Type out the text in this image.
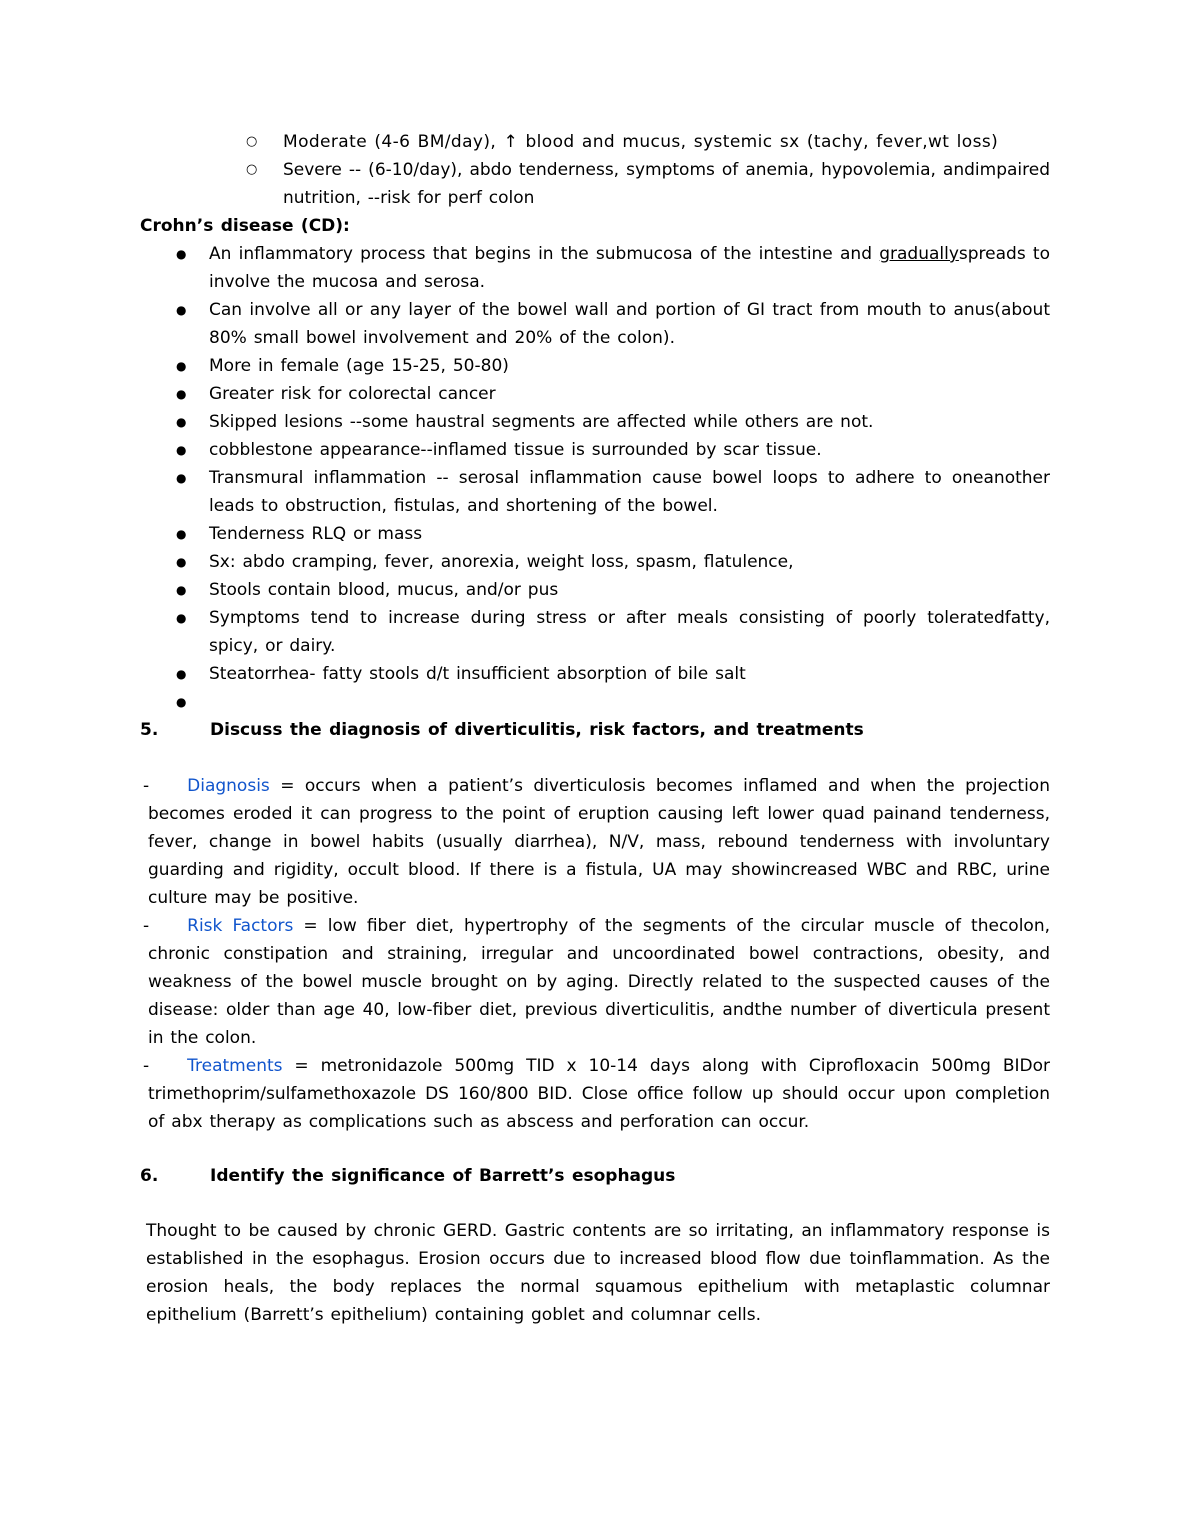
○	Moderate (4-6 BM/day), ↑ blood and mucus, systemic sx (tachy, fever,wt loss)
○	Severe -- (6-10/day), abdo tenderness, symptoms of anemia, hypovolemia, andimpaired nutrition, --risk for perf colon
Crohn’s disease (CD):
●	An inflammatory process that begins in the submucosa of the intestine and graduallyspreads to involve the mucosa and serosa.
●	Can involve all or any layer of the bowel wall and portion of GI tract from mouth to anus(about 80% small bowel involvement and 20% of the colon).
●	More in female (age 15-25, 50-80)
●	Greater risk for colorectal cancer
●	Skipped lesions --some haustral segments are affected while others are not.
●	cobblestone appearance--inflamed tissue is surrounded by scar tissue.
●	Transmural inflammation -- serosal inflammation cause bowel loops to adhere to oneanother leads to obstruction, fistulas, and shortening of the bowel.
●	Tenderness RLQ or mass
●	Sx: abdo cramping, fever, anorexia, weight loss, spasm, flatulence,
●	Stools contain blood, mucus, and/or pus
●	Symptoms tend to increase during stress or after meals consisting of poorly toleratedfatty, spicy, or dairy.
●	Steatorrhea- fatty stools d/t insufficient absorption of bile salt
●
5.	Discuss the diagnosis of diverticulitis, risk factors, and treatments
- Diagnosis = occurs when a patient’s diverticulosis becomes inflamed and when the projection becomes eroded it can progress to the point of eruption causing left lower quad painand tenderness, fever, change in bowel habits (usually diarrhea), N/V, mass, rebound tenderness with involuntary guarding and rigidity, occult blood. If there is a fistula, UA may showincreased WBC and RBC, urine culture may be positive.
- Risk Factors = low fiber diet, hypertrophy of the segments of the circular muscle of thecolon, chronic constipation and straining, irregular and uncoordinated bowel contractions, obesity, and weakness of the bowel muscle brought on by aging. Directly related to the suspected causes of the disease: older than age 40, low-fiber diet, previous diverticulitis, andthe number of diverticula present in the colon.
- Treatments = metronidazole 500mg TID x 10-14 days along with Ciprofloxacin 500mg BIDor trimethoprim/sulfamethoxazole DS 160/800 BID. Close office follow up should occur upon completion of abx therapy as complications such as abscess and perforation can occur.
6.	Identify the significance of Barrett’s esophagus

Thought to be caused by chronic GERD. Gastric contents are so irritating, an inflammatory response is established in the esophagus. Erosion occurs due to increased blood flow due toinflammation. As the erosion heals, the body replaces the normal squamous epithelium with metaplastic columnar epithelium (Barrett’s epithelium) containing goblet and columnar cells.
